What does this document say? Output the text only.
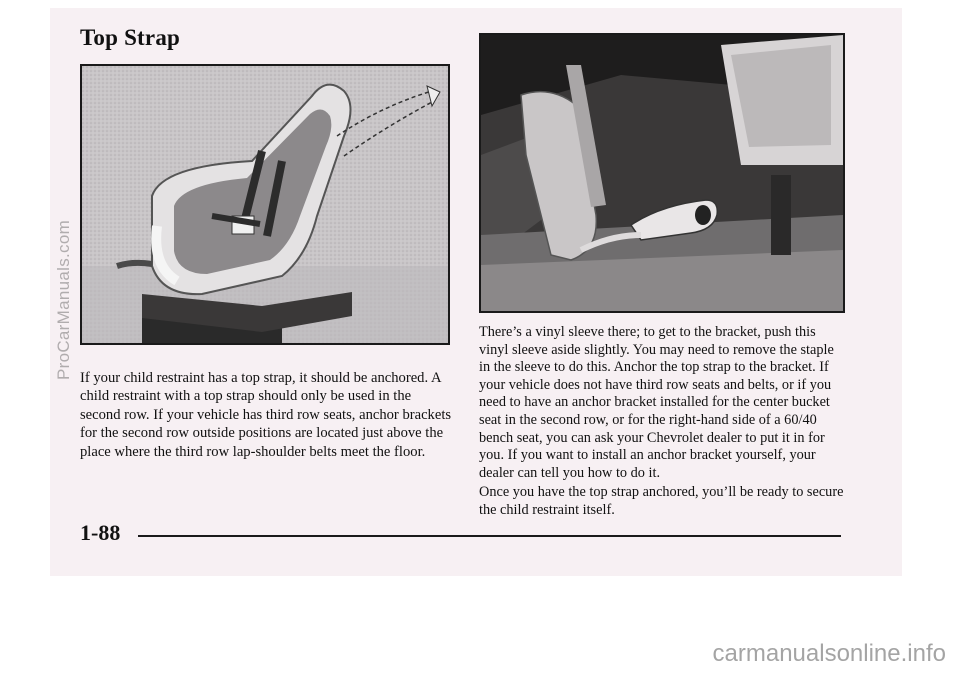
Top Strap

If your child restraint has a top strap, it should be anchored. A child restraint with a top strap should only be used in the second row. If your vehicle has third row seats, anchor brackets for the second row outside positions are located just above the place where the third row lap-shoulder belts meet the floor.

There’s a vinyl sleeve there; to get to the bracket, push this vinyl sleeve aside slightly. You may need to remove the staple in the sleeve to do this. Anchor the top strap to the bracket. If your vehicle does not have third row seats and belts, or if you need to have an anchor bracket installed for the center bucket seat in the second row, or for the right-hand side of a 60/40 bench seat, you can ask your Chevrolet dealer to put it in for you. If you want to install an anchor bracket yourself, your dealer can tell you how to do it.

Once you have the top strap anchored, you’ll be ready to secure the child restraint itself.

1-88

ProCarManuals.com
carmanualsonline.info
